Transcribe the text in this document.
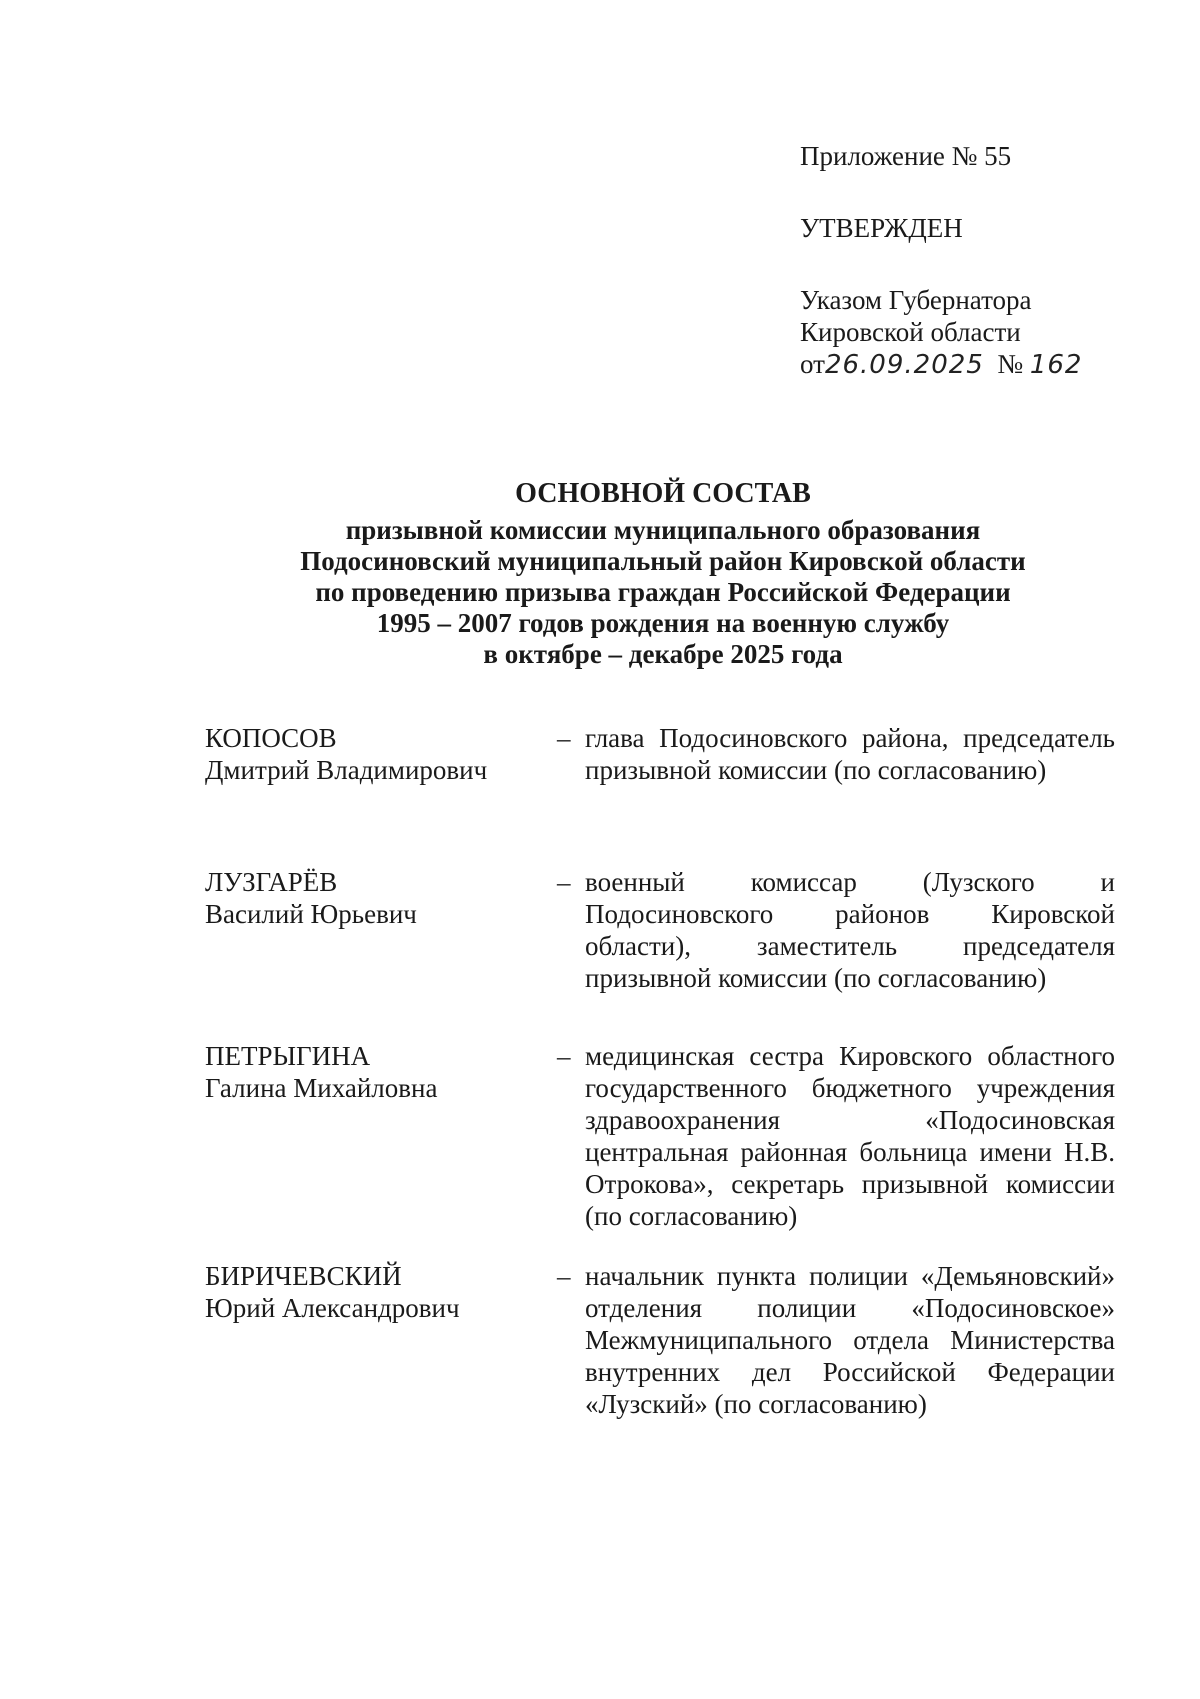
Приложение № 55
УТВЕРЖДЕН
Указом Губернатора
Кировской области
от26.09.2025 № 162
ОСНОВНОЙ СОСТАВ
призывной комиссии муниципального образования
Подосиновский муниципальный район Кировской области
по проведению призыва граждан Российской Федерации
1995 – 2007 годов рождения на военную службу
в октябре – декабре 2025 года
КОПОСОВ
Дмитрий Владимирович
– глава Подосиновского района, председатель призывной комиссии (по согласованию)
ЛУЗГАРЁВ
Василий Юрьевич
– военный комиссар (Лузского и Подосиновского районов Кировской области), заместитель председателя призывной комиссии (по согласованию)
ПЕТРЫГИНА
Галина Михайловна
– медицинская сестра Кировского областного государственного бюджетного учреждения здравоохранения «Подосиновская центральная районная больница имени Н.В. Отрокова», секретарь призывной комиссии (по согласованию)
БИРИЧЕВСКИЙ
Юрий Александрович
– начальник пункта полиции «Демьяновский» отделения полиции «Подосиновское» Межмуниципального отдела Министерства внутренних дел Российской Федерации «Лузский» (по согласованию)
